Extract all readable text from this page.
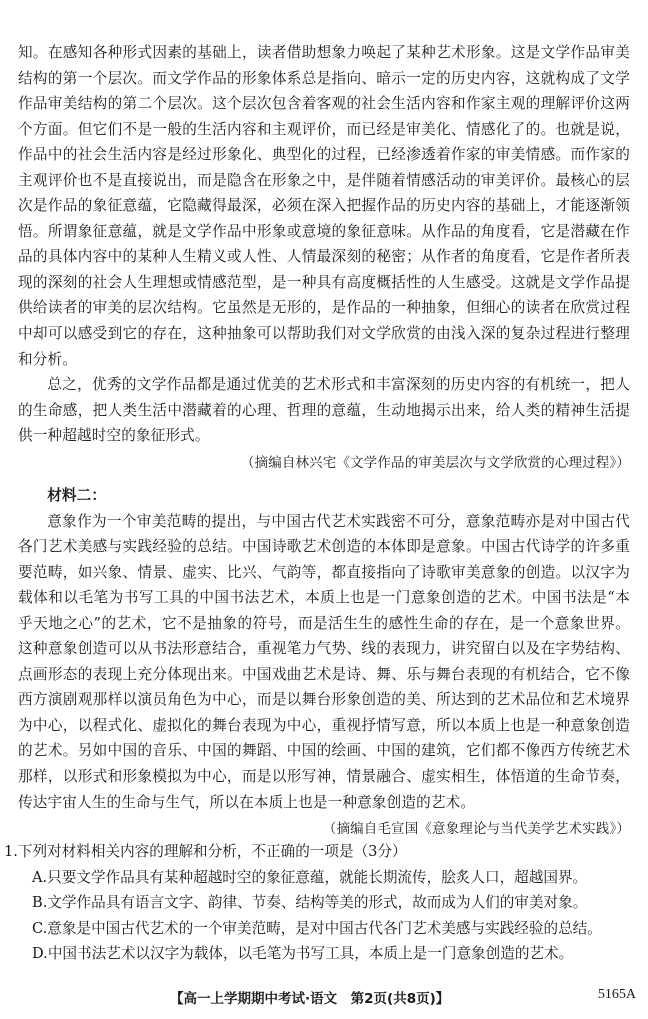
知。在感知各种形式因素的基础上，读者借助想象力唤起了某种艺术形象。这是文学作品审美结构的第一个层次。而文学作品的形象体系总是指向、暗示一定的历史内容，这就构成了文学作品审美结构的第二个层次。这个层次包含着客观的社会生活内容和作家主观的理解评价这两个方面。但它们不是一般的生活内容和主观评价，而已经是审美化、情感化了的。也就是说，作品中的社会生活内容是经过形象化、典型化的过程，已经渗透着作家的审美情感。而作家的主观评价也不是直接说出，而是隐含在形象之中，是伴随着情感活动的审美评价。最核心的层次是作品的象征意蕴，它隐藏得最深，必须在深入把握作品的历史内容的基础上，才能逐渐领悟。所谓象征意蕴，就是文学作品中形象或意境的象征意味。从作品的角度看，它是潜藏在作品的具体内容中的某种人生精义或人性、人情最深刻的秘密；从作者的角度看，它是作者所表现的深刻的社会人生理想或情感范型，是一种具有高度概括性的人生感受。这就是文学作品提供给读者的审美的层次结构。它虽然是无形的，是作品的一种抽象，但细心的读者在欣赏过程中却可以感受到它的存在，这种抽象可以帮助我们对文学欣赏的由浅入深的复杂过程进行整理和分析。

总之，优秀的文学作品都是通过优美的艺术形式和丰富深刻的历史内容的有机统一，把人的生命感，把人类生活中潜藏着的心理、哲理的意蕴，生动地揭示出来，给人类的精神生活提供一种超越时空的象征形式。

（摘编自林兴宅《文学作品的审美层次与文学欣赏的心理过程》）

材料二：

意象作为一个审美范畴的提出，与中国古代艺术实践密不可分，意象范畴亦是对中国古代各门艺术美感与实践经验的总结。中国诗歌艺术创造的本体即是意象。中国古代诗学的许多重要范畴，如兴象、情景、虚实、比兴、气韵等，都直接指向了诗歌审美意象的创造。以汉字为载体和以毛笔为书写工具的中国书法艺术，本质上也是一门意象创造的艺术。中国书法是“本乎天地之心”的艺术，它不是抽象的符号，而是活生生的感性生命的存在，是一个意象世界。这种意象创造可以从书法形意结合，重视笔力气势、线的表现力，讲究留白以及在字势结构、点画形态的表现上充分体现出来。中国戏曲艺术是诗、舞、乐与舞台表现的有机结合，它不像西方演剧观那样以演员角色为中心，而是以舞台形象创造的美、所达到的艺术品位和艺术境界为中心，以程式化、虚拟化的舞台表现为中心，重视抒情写意，所以本质上也是一种意象创造的艺术。另如中国的音乐、中国的舞蹈、中国的绘画、中国的建筑，它们都不像西方传统艺术那样，以形式和形象模拟为中心，而是以形写神，情景融合、虚实相生，体悟道的生命节奏，传达宇宙人生的生命与生气，所以在本质上也是一种意象创造的艺术。

（摘编自毛宣国《意象理论与当代美学艺术实践》）

1.下列对材料相关内容的理解和分析，不正确的一项是（3分）

A.只要文学作品具有某种超越时空的象征意蕴，就能长期流传，脍炙人口，超越国界。

B.文学作品具有语言文字、韵律、节奏、结构等美的形式，故而成为人们的审美对象。

C.意象是中国古代艺术的一个审美范畴，是对中国古代各门艺术美感与实践经验的总结。

D.中国书法艺术以汉字为载体，以毛笔为书写工具，本质上是一门意象创造的艺术。

【高一上学期期中考试·语文　第2页(共8页)】	5165A
